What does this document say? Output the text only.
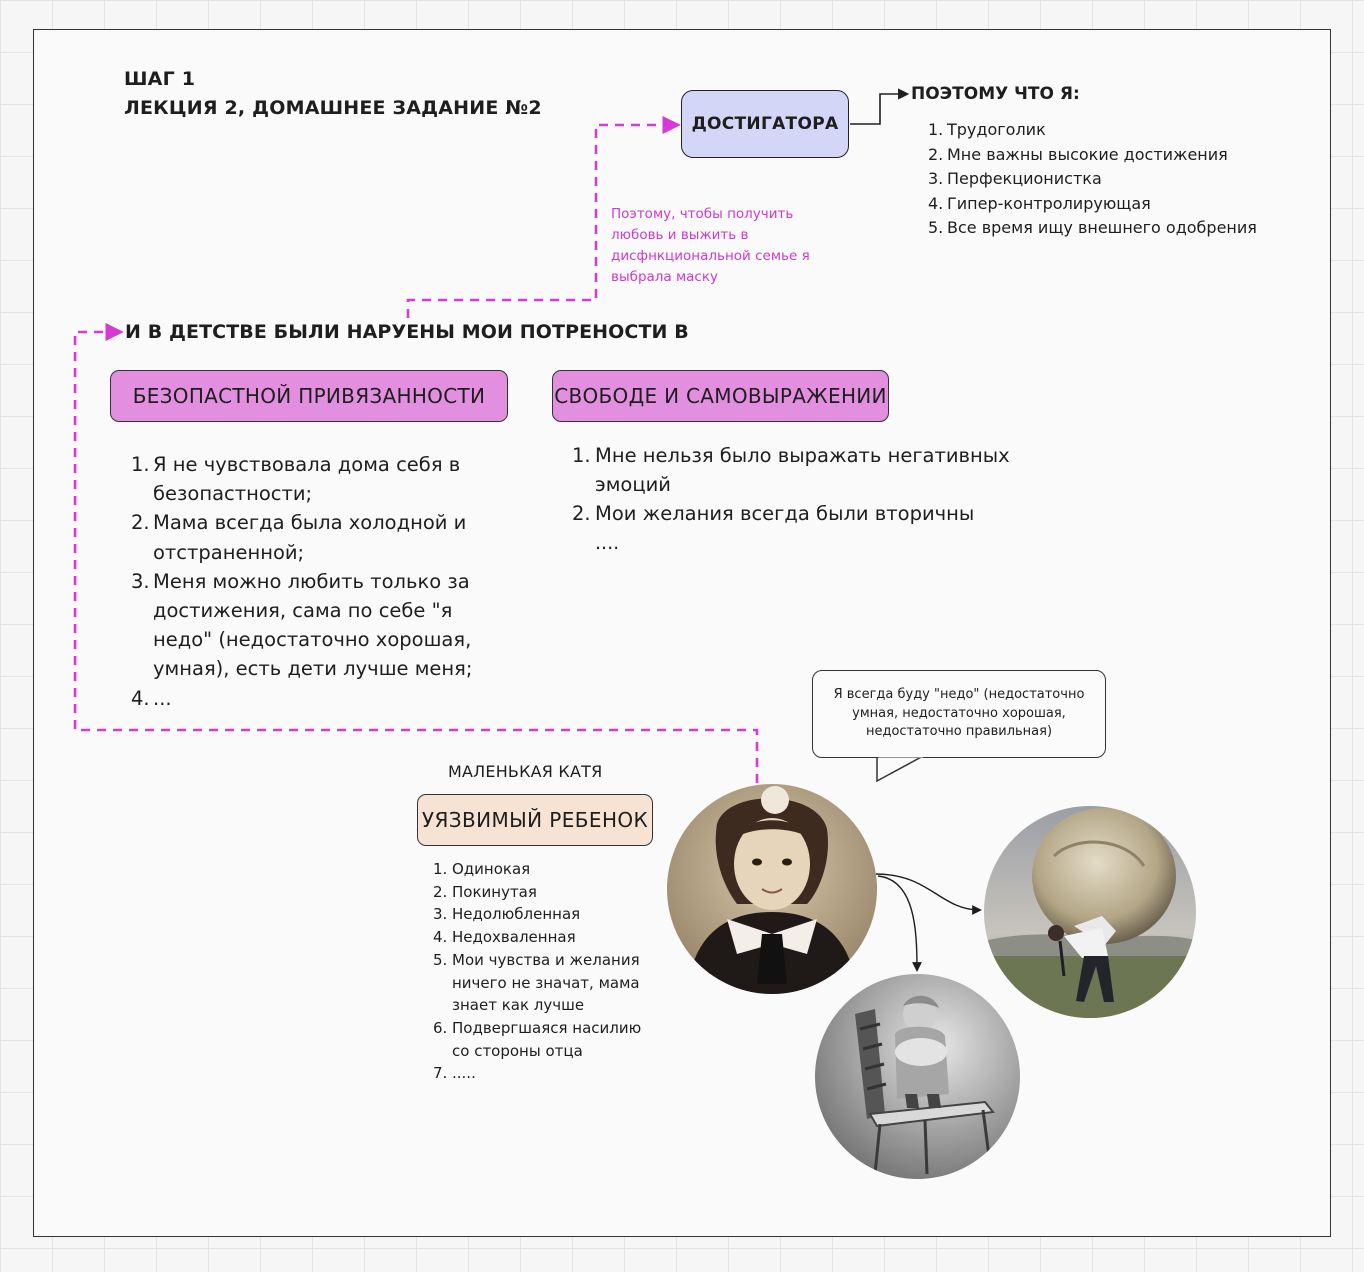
ШАГ 1
ЛЕКЦИЯ 2, ДОМАШНЕЕ ЗАДАНИЕ №2
ДОСТИГАТОРА
ПОЭТОМУ ЧТО Я:
1. Трудоголик
2. Мне важны высокие достижения
3. Перфекционистка
4. Гипер-контролирующая
5. Все время ищу внешнего одобрения
Поэтому, чтобы получить любовь и выжить в дисфнкциональной семье я выбрала маску
И В ДЕТСТВЕ БЫЛИ НАРУЕНЫ МОИ ПОТРЕНОСТИ В
БЕЗОПАСТНОЙ ПРИВЯЗАННОСТИ	СВОБОДЕ И САМОВЫРАЖЕНИИ
1. Я не чувствовала дома себя в безопастности;
2. Мама всегда была холодной и отстраненной;
3. Меня можно любить только за достижения, сама по себе "я недо" (недостаточно хорошая, умная), есть дети лучше меня;
4. ...
1. Мне нельзя было выражать негативных эмоций
2. Мои желания всегда были вторичны
....
МАЛЕНЬКАЯ КАТЯ
УЯЗВИМЫЙ РЕБЕНОК
1. Одинокая
2. Покинутая
3. Недолюбленная
4. Недохваленная
5. Мои чувства и желания ничего не значат, мама знает как лучше
6. Подвергшаяся насилию со стороны отца
7. .....
Я всегда буду "недо" (недостаточно умная, недостаточно хорошая, недостаточно правильная)
